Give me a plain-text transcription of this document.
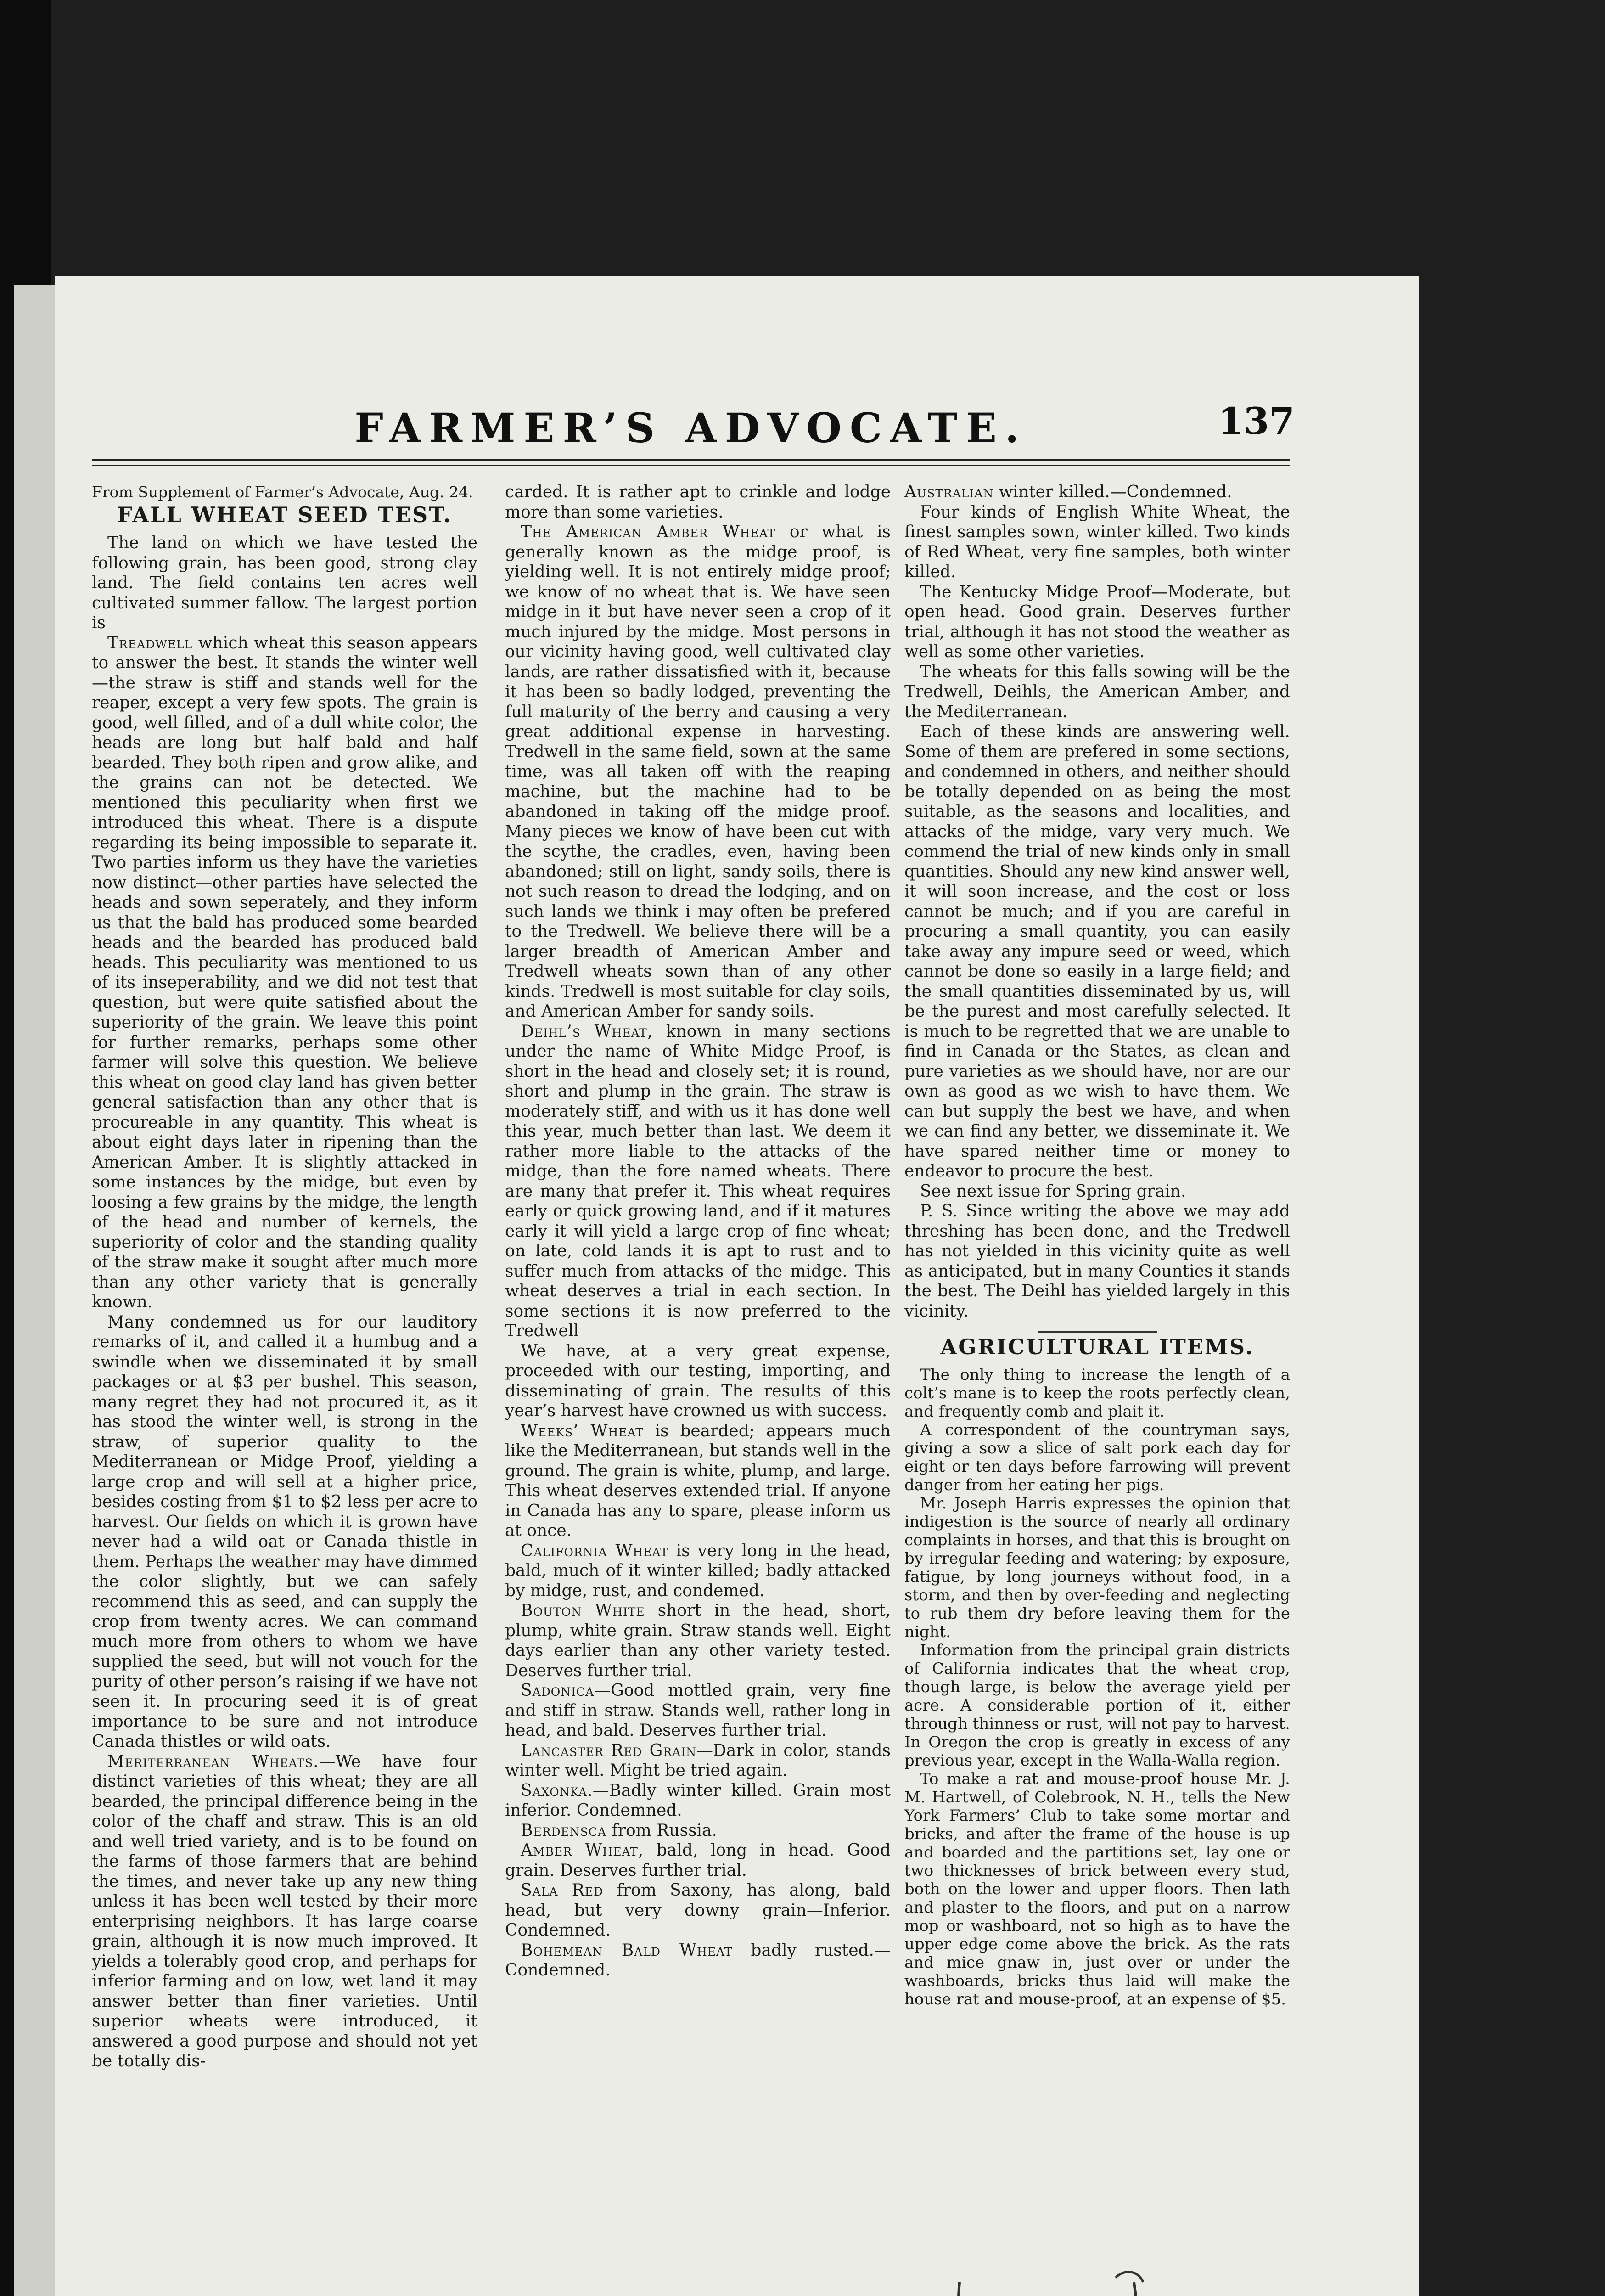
FARMER’S ADVOCATE.	137

From Supplement of Farmer’s Advocate, Aug. 24.

FALL WHEAT SEED TEST.

The land on which we have tested the following grain, has been good, strong clay land. The field contains ten acres well cultivated summer fallow. The largest portion is

Treadwell which wheat this season appears to answer the best. It stands the winter well—the straw is stiff and stands well for the reaper, except a very few spots. The grain is good, well filled, and of a dull white color, the heads are long but half bald and half bearded. They both ripen and grow alike, and the grains can not be detected. We mentioned this peculiarity when first we introduced this wheat. There is a dispute regarding its being impossible to separate it. Two parties inform us they have the varieties now distinct—other parties have selected the heads and sown seperately, and they inform us that the bald has produced some bearded heads and the bearded has produced bald heads. This peculiarity was mentioned to us of its inseperability, and we did not test that question, but were quite satisfied about the superiority of the grain. We leave this point for further remarks, perhaps some other farmer will solve this question. We believe this wheat on good clay land has given better general satisfaction than any other that is procureable in any quantity. This wheat is about eight days later in ripening than the American Amber. It is slightly attacked in some instances by the midge, but even by loosing a few grains by the midge, the length of the head and number of kernels, the superiority of color and the standing quality of the straw make it sought after much more than any other variety that is generally known.

Many condemned us for our lauditory remarks of it, and called it a humbug and a swindle when we disseminated it by small packages or at $3 per bushel. This season, many regret they had not procured it, as it has stood the winter well, is strong in the straw, of superior quality to the Mediterranean or Midge Proof, yielding a large crop and will sell at a higher price, besides costing from $1 to $2 less per acre to harvest. Our fields on which it is grown have never had a wild oat or Canada thistle in them. Perhaps the weather may have dimmed the color slightly, but we can safely recommend this as seed, and can supply the crop from twenty acres. We can command much more from others to whom we have supplied the seed, but will not vouch for the purity of other person’s raising if we have not seen it. In procuring seed it is of great importance to be sure and not introduce Canada thistles or wild oats.

Meriterranean Wheats.—We have four distinct varieties of this wheat; they are all bearded, the principal difference being in the color of the chaff and straw. This is an old and well tried variety, and is to be found on the farms of those farmers that are behind the times, and never take up any new thing unless it has been well tested by their more enterprising neighbors. It has large coarse grain, although it is now much improved. It yields a tolerably good crop, and perhaps for inferior farming and on low, wet land it may answer better than finer varieties. Until superior wheats were introduced, it answered a good purpose and should not yet be totally dis-

carded. It is rather apt to crinkle and lodge more than some varieties.

The American Amber Wheat or what is generally known as the midge proof, is yielding well. It is not entirely midge proof; we know of no wheat that is. We have seen midge in it but have never seen a crop of it much injured by the midge. Most persons in our vicinity having good, well cultivated clay lands, are rather dissatisfied with it, because it has been so badly lodged, preventing the full maturity of the berry and causing a very great additional expense in harvesting. Tredwell in the same field, sown at the same time, was all taken off with the reaping machine, but the machine had to be abandoned in taking off the midge proof. Many pieces we know of have been cut with the scythe, the cradles, even, having been abandoned; still on light, sandy soils, there is not such reason to dread the lodging, and on such lands we think i may often be prefered to the Tredwell. We believe there will be a larger breadth of American Amber and Tredwell wheats sown than of any other kinds. Tredwell is most suitable for clay soils, and American Amber for sandy soils.

Deihl’s Wheat, known in many sections under the name of White Midge Proof, is short in the head and closely set; it is round, short and plump in the grain. The straw is moderately stiff, and with us it has done well this year, much better than last. We deem it rather more liable to the attacks of the midge, than the fore named wheats. There are many that prefer it. This wheat requires early or quick growing land, and if it matures early it will yield a large crop of fine wheat; on late, cold lands it is apt to rust and to suffer much from attacks of the midge. This wheat deserves a trial in each section. In some sections it is now preferred to the Tredwell

We have, at a very great expense, proceeded with our testing, importing, and disseminating of grain. The results of this year’s harvest have crowned us with success.

Weeks’ Wheat is bearded; appears much like the Mediterranean, but stands well in the ground. The grain is white, plump, and large. This wheat deserves extended trial. If anyone in Canada has any to spare, please inform us at once.

California Wheat is very long in the head, bald, much of it winter killed; badly attacked by midge, rust, and condemed.

Bouton White short in the head, short, plump, white grain. Straw stands well. Eight days earlier than any other variety tested. Deserves further trial.

Sadonica—Good mottled grain, very fine and stiff in straw. Stands well, rather long in head, and bald. Deserves further trial.

Lancaster Red Grain—Dark in color, stands winter well. Might be tried again.

Saxonka.—Badly winter killed. Grain most inferior. Condemned.

Berdensca from Russia.

Amber Wheat, bald, long in head. Good grain. Deserves further trial.

Sala Red from Saxony, has along, bald head, but very downy grain—Inferior. Condemned.

Bohemean Bald Wheat badly rusted.—Condemned.

Australian winter killed.—Condemned.

Four kinds of English White Wheat, the finest samples sown, winter killed. Two kinds of Red Wheat, very fine samples, both winter killed.

The Kentucky Midge Proof—Moderate, but open head. Good grain. Deserves further trial, although it has not stood the weather as well as some other varieties.

The wheats for this falls sowing will be the Tredwell, Deihls, the American Amber, and the Mediterranean.

Each of these kinds are answering well. Some of them are prefered in some sections, and condemned in others, and neither should be totally depended on as being the most suitable, as the seasons and localities, and attacks of the midge, vary very much. We commend the trial of new kinds only in small quantities. Should any new kind answer well, it will soon increase, and the cost or loss cannot be much; and if you are careful in procuring a small quantity, you can easily take away any impure seed or weed, which cannot be done so easily in a large field; and the small quantities disseminated by us, will be the purest and most carefully selected. It is much to be regretted that we are unable to find in Canada or the States, as clean and pure varieties as we should have, nor are our own as good as we wish to have them. We can but supply the best we have, and when we can find any better, we disseminate it. We have spared neither time or money to endeavor to procure the best.

See next issue for Spring grain.

P. S. Since writing the above we may add threshing has been done, and the Tredwell has not yielded in this vicinity quite as well as anticipated, but in many Counties it stands the best. The Deihl has yielded largely in this vicinity.

AGRICULTURAL ITEMS.

The only thing to increase the length of a colt’s mane is to keep the roots perfectly clean, and frequently comb and plait it.

A correspondent of the countryman says, giving a sow a slice of salt pork each day for eight or ten days before farrowing will prevent danger from her eating her pigs.

Mr. Joseph Harris expresses the opinion that indigestion is the source of nearly all ordinary complaints in horses, and that this is brought on by irregular feeding and watering; by exposure, fatigue, by long journeys without food, in a storm, and then by over-feeding and neglecting to rub them dry before leaving them for the night.

Information from the principal grain districts of California indicates that the wheat crop, though large, is below the average yield per acre. A considerable portion of it, either through thinness or rust, will not pay to harvest. In Oregon the crop is greatly in excess of any previous year, except in the Walla-Walla region.

To make a rat and mouse-proof house Mr. J. M. Hartwell, of Colebrook, N. H., tells the New York Farmers’ Club to take some mortar and bricks, and after the frame of the house is up and boarded and the partitions set, lay one or two thicknesses of brick between every stud, both on the lower and upper floors. Then lath and plaster to the floors, and put on a narrow mop or washboard, not so high as to have the upper edge come above the brick. As the rats and mice gnaw in, just over or under the washboards, bricks thus laid will make the house rat and mouse-proof, at an expense of $5.
